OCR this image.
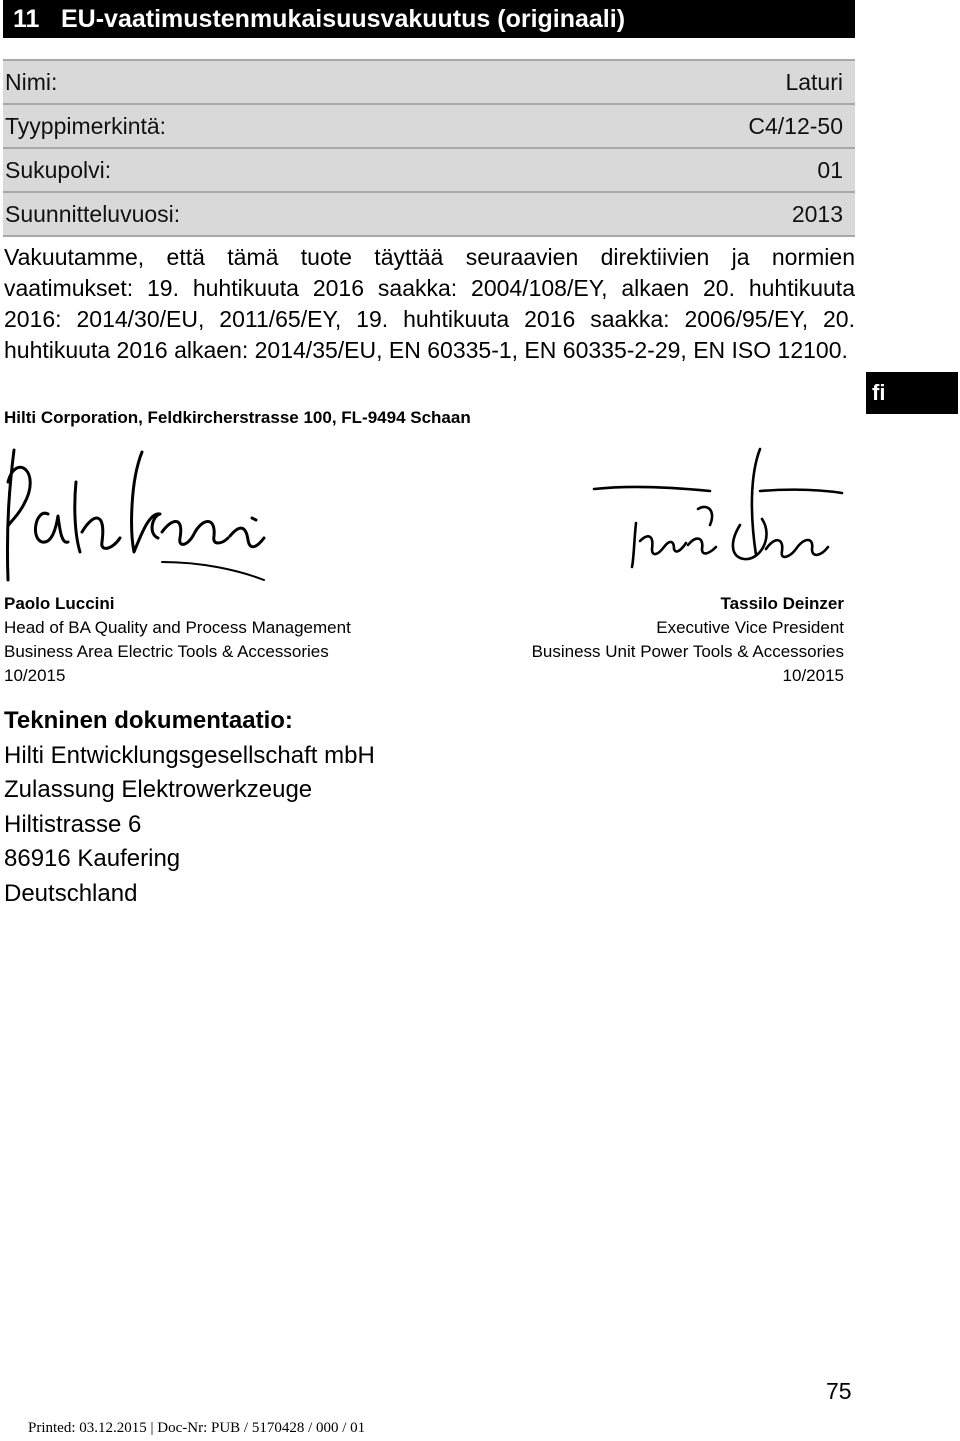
11 EU-vaatimustenmukaisuusvakuutus (originaali)
Nimi:	Laturi
Tyyppimerkintä:	C4/12-50
Sukupolvi:	01
Suunnitteluvuosi:	2013

Vakuutamme, että tämä tuote täyttää seuraavien direktiivien ja normien vaatimukset: 19. huhtikuuta 2016 saakka: 2004/108/EY, alkaen 20. huhtikuuta 2016: 2014/30/EU, 2011/65/EY, 19. huhtikuuta 2016 saakka: 2006/95/EY, 20. huhtikuuta 2016 alkaen: 2014/35/EU, EN 60335-1, EN 60335-2-29, EN ISO 12100.

fi

Hilti Corporation, Feldkircherstrasse 100, FL-9494 Schaan

Paolo Luccini
Head of BA Quality and Process Management
Business Area Electric Tools & Accessories
10/2015
Tassilo Deinzer
Executive Vice President
Business Unit Power Tools & Accessories
10/2015
Tekninen dokumentaatio:
Hilti Entwicklungsgesellschaft mbH
Zulassung Elektrowerkzeuge
Hiltistrasse 6
86916 Kaufering
Deutschland
75
Printed: 03.12.2015 | Doc-Nr: PUB / 5170428 / 000 / 01
